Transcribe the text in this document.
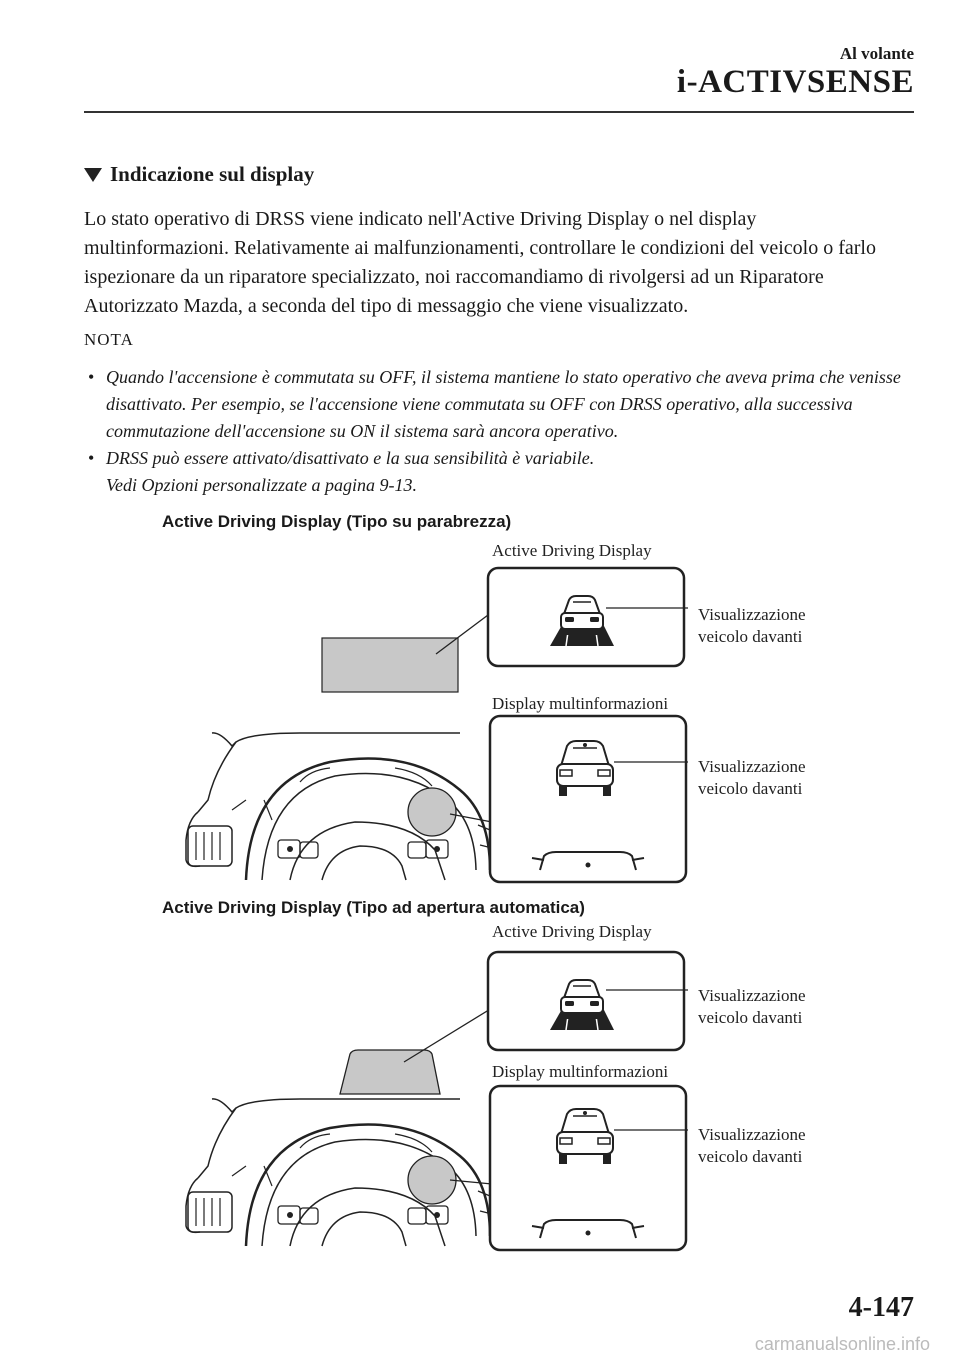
Al volante
i-ACTIVSENSE
Indicazione sul display
Lo stato operativo di DRSS viene indicato nell'Active Driving Display o nel display multinformazioni. Relativamente ai malfunzionamenti, controllare le condizioni del veicolo o farlo ispezionare da un riparatore specializzato, noi raccomandiamo di rivolgersi ad un Riparatore Autorizzato Mazda, a seconda del tipo di messaggio che viene visualizzato.
NOTA
• Quando l'accensione è commutata su OFF, il sistema mantiene lo stato operativo che aveva prima che venisse disattivato. Per esempio, se l'accensione viene commutata su OFF con DRSS operativo, alla successiva commutazione dell'accensione su ON il sistema sarà ancora operativo.
• DRSS può essere attivato/disattivato e la sua sensibilità è variabile.
Vedi Opzioni personalizzate a pagina 9-13.
Active Driving Display (Tipo su parabrezza)
Active Driving Display
Visualizzazione
veicolo davanti
Display multinformazioni
Visualizzazione
veicolo davanti
Active Driving Display (Tipo ad apertura automatica)
Active Driving Display
Visualizzazione
veicolo davanti
Display multinformazioni
Visualizzazione
veicolo davanti
4-147
carmanualsonline.info
